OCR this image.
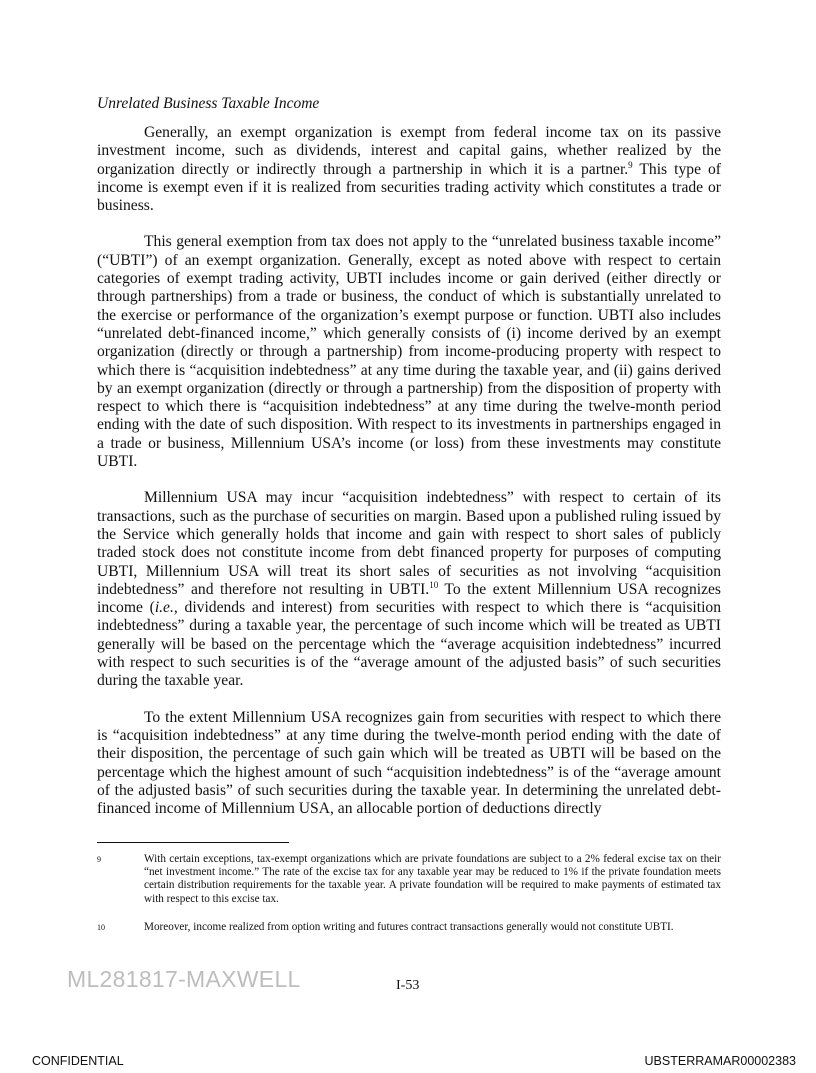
Unrelated Business Taxable Income

Generally, an exempt organization is exempt from federal income tax on its passive investment income, such as dividends, interest and capital gains, whether realized by the organization directly or indirectly through a partnership in which it is a partner.$^9$ This type of income is exempt even if it is realized from securities trading activity which constitutes a trade or business.

This general exemption from tax does not apply to the “unrelated business taxable income” (“UBTI”) of an exempt organization. Generally, except as noted above with respect to certain categories of exempt trading activity, UBTI includes income or gain derived (either directly or through partnerships) from a trade or business, the conduct of which is substantially unrelated to the exercise or performance of the organization’s exempt purpose or function. UBTI also includes “unrelated debt-financed income,” which generally consists of (i) income derived by an exempt organization (directly or through a partnership) from income-producing property with respect to which there is “acquisition indebtedness” at any time during the taxable year, and (ii) gains derived by an exempt organization (directly or through a partnership) from the disposition of property with respect to which there is “acquisition indebtedness” at any time during the twelve-month period ending with the date of such disposition. With respect to its investments in partnerships engaged in a trade or business, Millennium USA’s income (or loss) from these investments may constitute UBTI.

Millennium USA may incur “acquisition indebtedness” with respect to certain of its transactions, such as the purchase of securities on margin. Based upon a published ruling issued by the Service which generally holds that income and gain with respect to short sales of publicly traded stock does not constitute income from debt financed property for purposes of computing UBTI, Millennium USA will treat its short sales of securities as not involving “acquisition indebtedness” and therefore not resulting in UBTI.$^{10}$ To the extent Millennium USA recognizes income (i.e., dividends and interest) from securities with respect to which there is “acquisition indebtedness” during a taxable year, the percentage of such income which will be treated as UBTI generally will be based on the percentage which the “average acquisition indebtedness” incurred with respect to such securities is of the “average amount of the adjusted basis” of such securities during the taxable year.

To the extent Millennium USA recognizes gain from securities with respect to which there is “acquisition indebtedness” at any time during the twelve-month period ending with the date of their disposition, the percentage of such gain which will be treated as UBTI will be based on the percentage which the highest amount of such “acquisition indebtedness” is of the “average amount of the adjusted basis” of such securities during the taxable year. In determining the unrelated debt-financed income of Millennium USA, an allocable portion of deductions directly

9	With certain exceptions, tax-exempt organizations which are private foundations are subject to a 2% federal excise tax on their “net investment income.” The rate of the excise tax for any taxable year may be reduced to 1% if the private foundation meets certain distribution requirements for the taxable year. A private foundation will be required to make payments of estimated tax with respect to this excise tax.
10	Moreover, income realized from option writing and futures contract transactions generally would not constitute UBTI.
ML281817-MAXWELL	I-53
CONFIDENTIAL	UBSTERRAMAR00002383
